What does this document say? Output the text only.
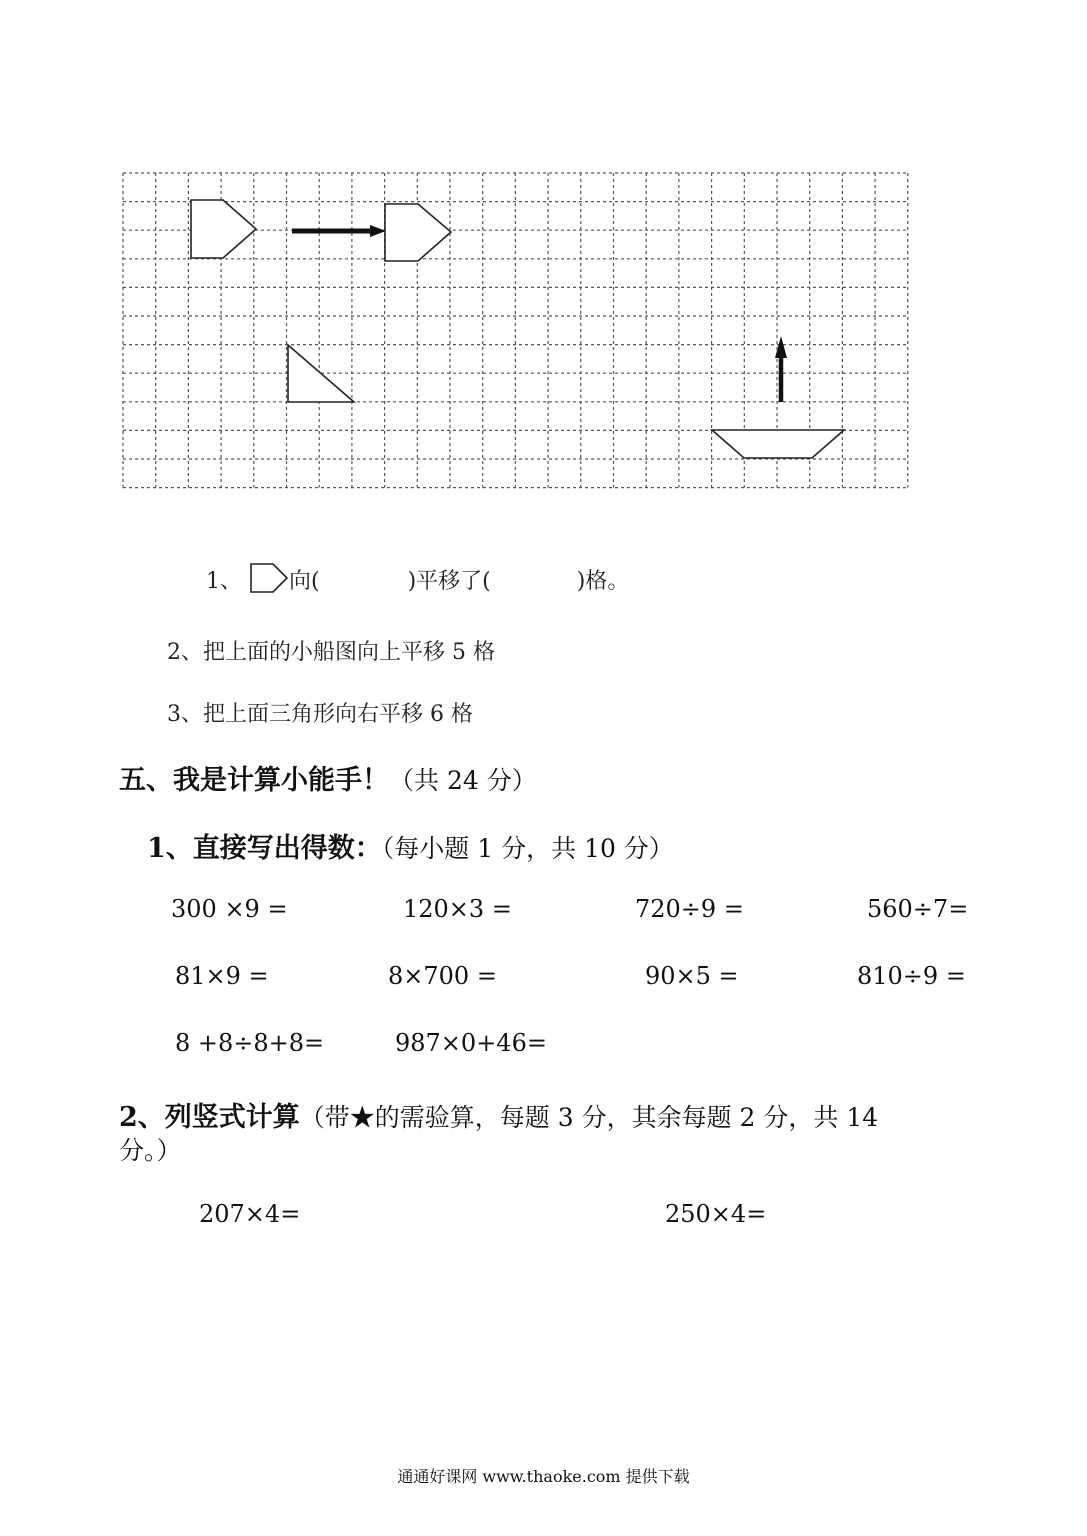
1、 向(	)平移了(	)格。
2、把上面的小船图向上平移 5 格
3、把上面三角形向右平移 6 格
五、我是计算小能手！（共 24 分）
1、直接写出得数：（每小题 1 分，共 10 分）
300 ×9 =	120×3 =	720÷9 =	560÷7=
81×9 =	8×700 =	90×5 =	810÷9 =
8 +8÷8+8=	987×0+46=
2、列竖式计算（带★的需验算，每题 3 分，其余每题 2 分，共 14
分。）
207×4=	250×4=
通通好课网 www.thaoke.com 提供下载
